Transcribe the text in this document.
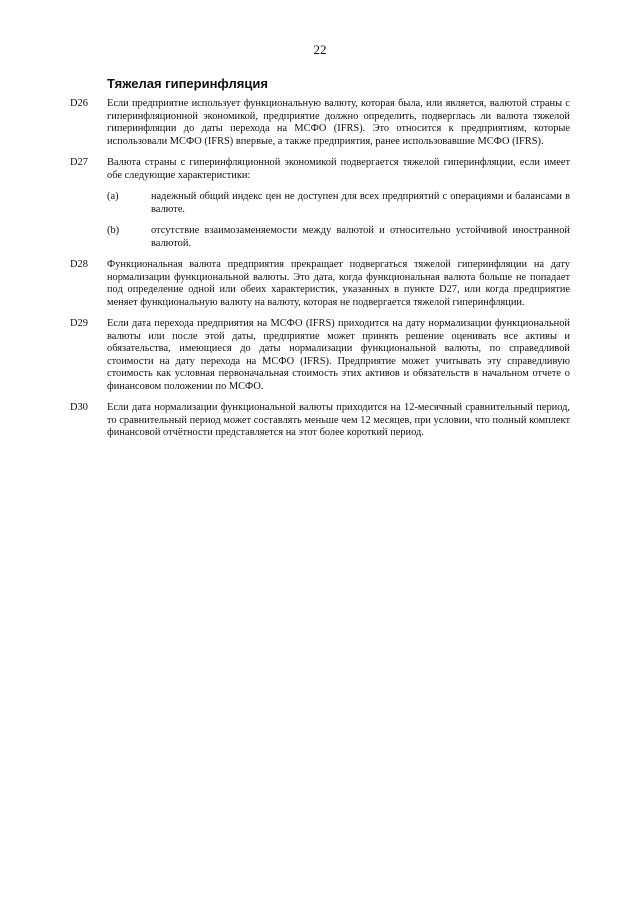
22
Тяжелая гиперинфляция
D26	Если предприятие использует функциональную валюту, которая была, или является, валютой страны с гиперинфляционной экономикой, предприятие должно определить, подверглась ли валюта тяжелой гиперинфляции до даты перехода на МСФО (IFRS). Это относится к предприятиям, которые использовали МСФО (IFRS) впервые, а также предприятия, ранее использовавшие МСФО (IFRS).
D27	Валюта страны с гиперинфляционной экономикой подвергается тяжелой гиперинфляции, если имеет обе следующие характеристики:
(a)	надежный общий индекс цен не доступен для всех предприятий с операциями и балансами в валюте.
(b)	отсутствие взаимозаменяемости между валютой и относительно устойчивой иностранной валютой.
D28	Функциональная валюта предприятия прекращает подвергаться тяжелой гиперинфляции на дату нормализации функциональной валюты. Это дата, когда функциональная валюта больше не попадает под определение одной или обеих характеристик, указанных в пункте D27, или когда предприятие меняет функциональную валюту на валюту, которая не подвергается тяжелой гиперинфляции.
D29	Если дата перехода предприятия на МСФО (IFRS) приходится на дату нормализации функциональной валюты или после этой даты, предприятие может принять решение оценивать все активы и обязательства, имеющиеся до даты нормализации функциональной валюты, по справедливой стоимости на дату перехода на МСФО (IFRS). Предприятие может учитывать эту справедливую стоимость как условная первоначальная стоимость этих активов и обязательств в начальном отчете о финансовом положении по МСФО.
D30	Если дата нормализации функциональной валюты приходится на 12-месячный сравнительный период, то сравнительный период может составлять меньше чем 12 месяцев, при условии, что полный комплект финансовой отчётности представляется на этот более короткий период.
